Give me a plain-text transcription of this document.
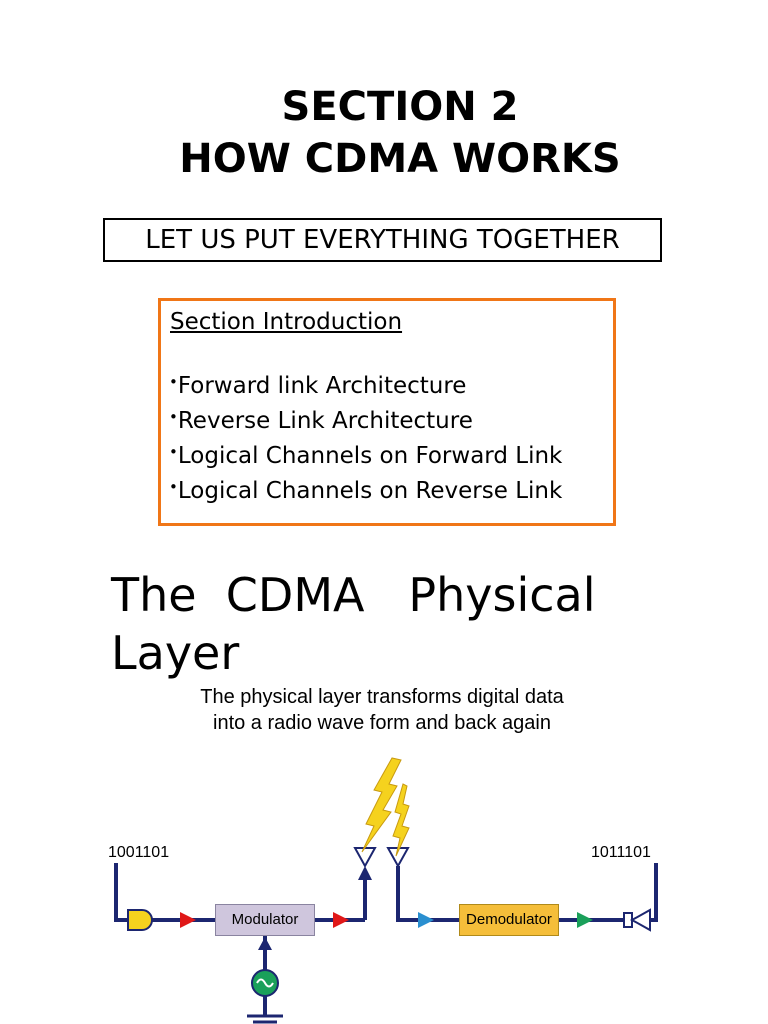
SECTION 2
HOW CDMA WORKS
LET US PUT EVERYTHING TOGETHER
Section Introduction
• Forward link Architecture
• Reverse Link Architecture
• Logical Channels on Forward Link
• Logical Channels on Reverse Link
The  CDMA   Physical Layer
The physical layer transforms digital data
into a radio wave form and back again
1001101	1011101
Modulator	Demodulator
